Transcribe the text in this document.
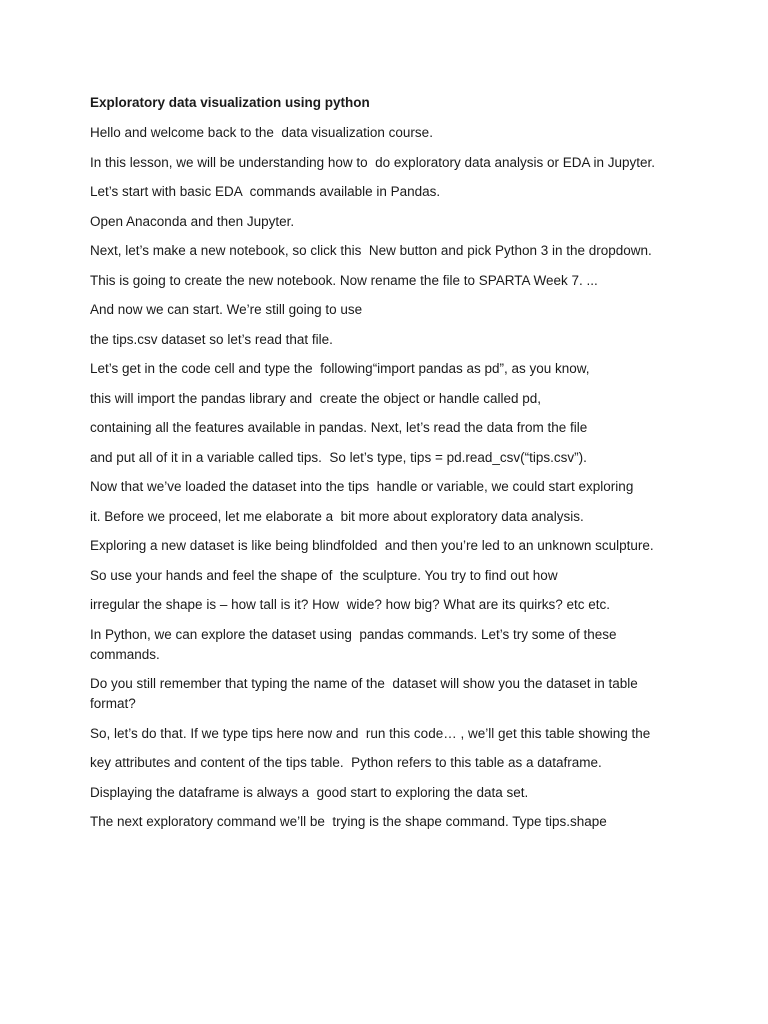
Exploratory data visualization using python
Hello and welcome back to the  data visualization course.
In this lesson, we will be understanding how to  do exploratory data analysis or EDA in Jupyter.
Let’s start with basic EDA  commands available in Pandas.
Open Anaconda and then Jupyter.
Next, let’s make a new notebook, so click this  New button and pick Python 3 in the dropdown.
This is going to create the new notebook. Now rename the file to SPARTA Week 7. ...
And now we can start. We’re still going to use
the tips.csv dataset so let’s read that file.
Let’s get in the code cell and type the  following“import pandas as pd”, as you know,
this will import the pandas library and  create the object or handle called pd,
containing all the features available in pandas. Next, let’s read the data from the file
and put all of it in a variable called tips.  So let’s type, tips = pd.read_csv(“tips.csv”).
Now that we’ve loaded the dataset into the tips  handle or variable, we could start exploring
it. Before we proceed, let me elaborate a  bit more about exploratory data analysis.
Exploring a new dataset is like being blindfolded  and then you’re led to an unknown sculpture.
So use your hands and feel the shape of  the sculpture. You try to find out how
irregular the shape is – how tall is it? How  wide? how big? What are its quirks? etc etc.
In Python, we can explore the dataset using  pandas commands. Let’s try some of these commands.
Do you still remember that typing the name of the  dataset will show you the dataset in table format?
So, let’s do that. If we type tips here now and  run this code… , we’ll get this table showing the
key attributes and content of the tips table.  Python refers to this table as a dataframe.
Displaying the dataframe is always a  good start to exploring the data set.
The next exploratory command we’ll be  trying is the shape command. Type tips.shape
